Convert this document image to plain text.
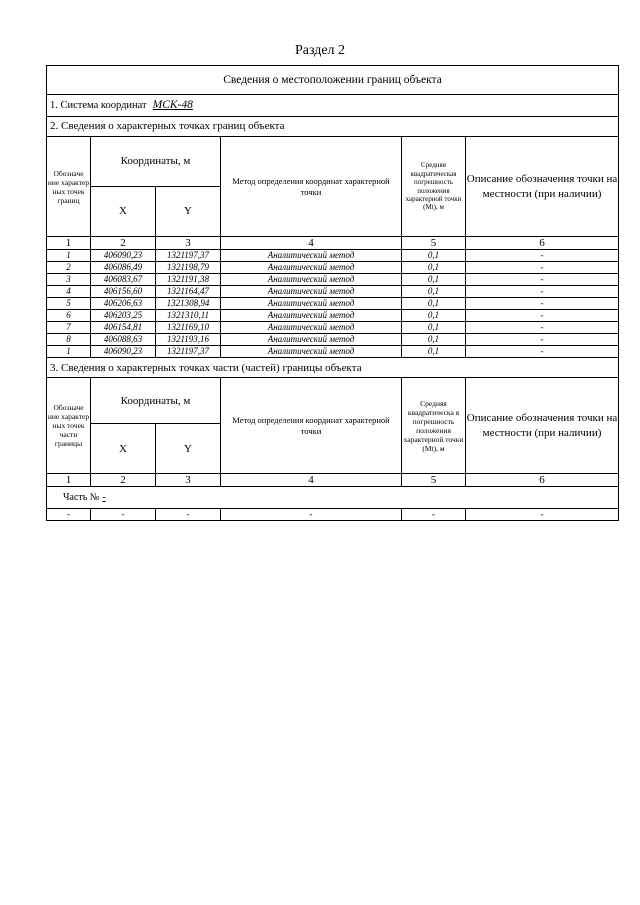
Раздел 2
Сведения о местоположении границ объекта					
1. Система координат МСК-48					
2. Сведения о характерных точках границ объекта					
Обозначе ние характер ных точек границ	Координаты, м		Метод определения координат характерной точки	Средняя квадратическая погрешность положения характерной точки (Mt), м	Описание обозначения точки на местности (при наличии)
	X	Y			
1	2	3	4	5	6
1	406090,23	1321197,37	Аналитический метод	0,1	-
2	406086,49	1321198,79	Аналитический метод	0,1	-
3	406083,67	1321191,38	Аналитический метод	0,1	-
4	406156,60	1321164,47	Аналитический метод	0,1	-
5	406206,63	1321308,94	Аналитический метод	0,1	-
6	406203,25	1321310,11	Аналитический метод	0,1	-
7	406154,81	1321169,10	Аналитический метод	0,1	-
8	406088,63	1321193,16	Аналитический метод	0,1	-
1	406090,23	1321197,37	Аналитический метод	0,1	-
3. Сведения о характерных точках части (частей) границы объекта					
Обозначе ние характер ных точек части границы	Координаты, м		Метод определения координат характерной точки	Средняя квадратическа я погрешность положения характерной точки (Mt), м	Описание обозначения точки на местности (при наличии)
	X	Y			
1	2	3	4	5	6
Часть № -					
-	-	-	-	-	-
